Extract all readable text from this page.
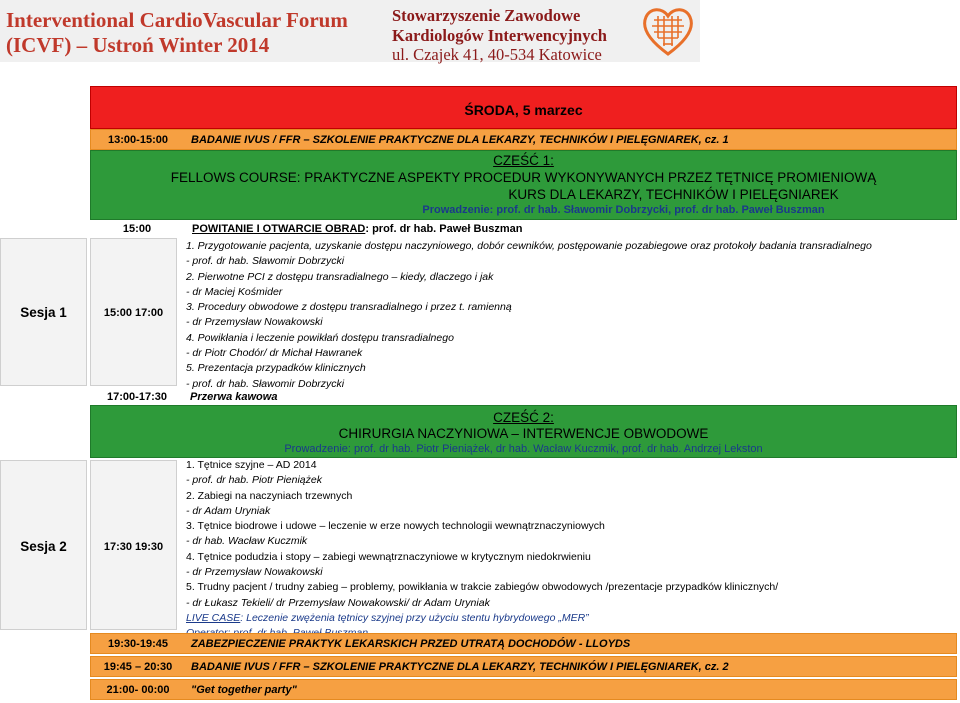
Interventional CardioVascular Forum
(ICVF) – Ustroń Winter 2014
Stowarzyszenie Zawodowe
Kardiologów Interwencyjnych
ul. Czajek 41, 40-534 Katowice
ŚRODA, 5 marzec
13:00-15:00	BADANIE IVUS / FFR – SZKOLENIE PRAKTYCZNE DLA LEKARZY, TECHNIKÓW I PIELĘGNIAREK, cz. 1
CZEŚĆ 1:
FELLOWS COURSE: PRAKTYCZNE ASPEKTY PROCEDUR WYKONYWANYCH PRZEZ TĘTNICĘ PROMIENIOWĄ
KURS DLA LEKARZY, TECHNIKÓW I PIELĘGNIAREK
Prowadzenie: prof. dr hab. Sławomir Dobrzycki, prof. dr hab. Paweł Buszman
15:00	POWITANIE I OTWARCIE OBRAD: prof. dr hab. Paweł Buszman
Sesja 1	15:00 17:00
1. Przygotowanie pacjenta, uzyskanie dostępu naczyniowego, dobór cewników, postępowanie pozabiegowe oraz protokoły badania transradialnego
- prof. dr hab. Sławomir Dobrzycki
2. Pierwotne PCI z dostępu transradialnego – kiedy, dlaczego i jak
- dr Maciej Kośmider
3. Procedury obwodowe z dostępu transradialnego i przez t. ramienną
- dr Przemysław Nowakowski
4. Powikłania i leczenie powikłań dostępu transradialnego
- dr Piotr Chodór/ dr Michał Hawranek
5. Prezentacja przypadków klinicznych
- prof. dr hab. Sławomir Dobrzycki
17:00-17:30	Przerwa kawowa
CZEŚĆ 2:
CHIRURGIA NACZYNIOWA – INTERWENCJE OBWODOWE
Prowadzenie: prof. dr hab. Piotr Pieniążek, dr hab. Wacław Kuczmik, prof. dr hab. Andrzej Lekston
Sesja 2	17:30 19:30
1. Tętnice szyjne – AD 2014
- prof. dr hab. Piotr Pieniążek
2. Zabiegi na naczyniach trzewnych
- dr Adam Uryniak
3. Tętnice biodrowe i udowe – leczenie w erze nowych technologii wewnątrznaczyniowych
- dr hab. Wacław Kuczmik
4. Tętnice podudzia i stopy – zabiegi wewnątrznaczyniowe w krytycznym niedokrwieniu
- dr Przemysław Nowakowski
5. Trudny pacjent / trudny zabieg – problemy, powikłania w trakcie zabiegów obwodowych /prezentacje przypadków klinicznych/
- dr Łukasz Tekieli/ dr Przemysław Nowakowski/ dr Adam Uryniak
LIVE CASE: Leczenie zwężenia tętnicy szyjnej przy użyciu stentu hybrydowego „MER”
19:30-19:45	ZABEZPIECZENIE PRAKTYK LEKARSKICH PRZED UTRATĄ DOCHODÓW - LLOYDS
19:45 – 20:30	BADANIE IVUS / FFR – SZKOLENIE PRAKTYCZNE DLA LEKARZY, TECHNIKÓW I PIELĘGNIAREK, cz. 2
21:00- 00:00	"Get together party"
